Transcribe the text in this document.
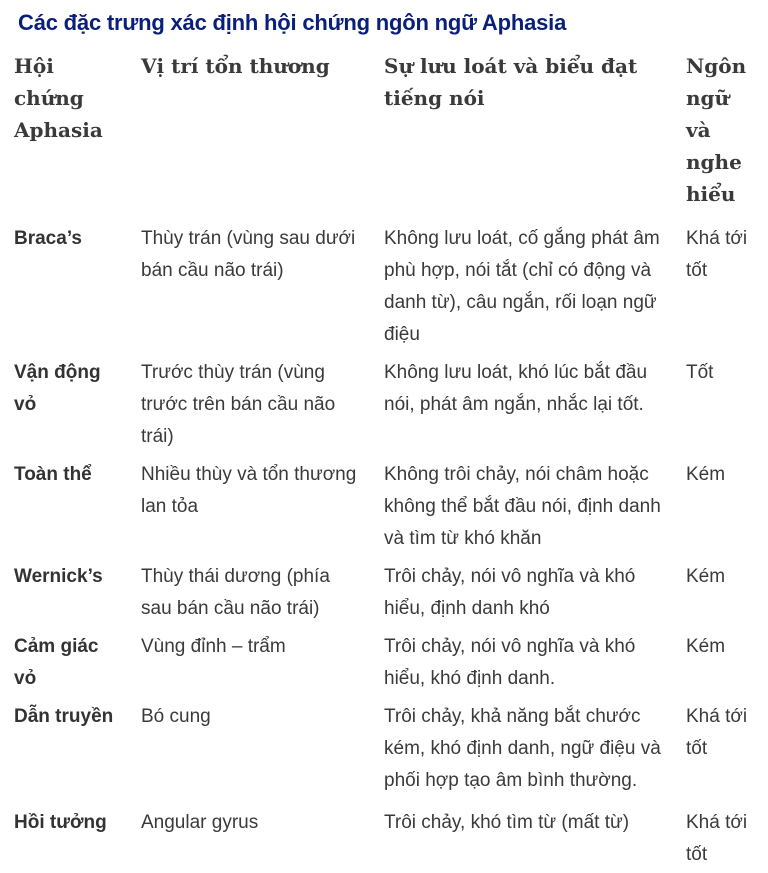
Các đặc trưng xác định hội chứng ngôn ngữ Aphasia
Hội chứng Aphasia	Vị trí tổn thương	Sự lưu loát và biểu đạt tiếng nói	Ngôn ngữ và nghe hiểu
Braca’s	Thùy trán (vùng sau dưới bán cầu não trái)	Không lưu loát, cố gắng phát âm phù hợp, nói tắt (chỉ có động và danh từ), câu ngắn, rối loạn ngữ điệu	Khá tới tốt
Vận động vỏ	Trước thùy trán (vùng trước trên bán cầu não trái)	Không lưu loát, khó lúc bắt đầu nói, phát âm ngắn, nhắc lại tốt.	Tốt
Toàn thể	Nhiều thùy và tổn thương lan tỏa	Không trôi chảy, nói châm hoặc không thể bắt đầu nói, định danh và tìm từ khó khăn	Kém
Wernick’s	Thùy thái dương (phía sau bán cầu não trái)	Trôi chảy, nói vô nghĩa và khó hiểu, định danh khó	Kém
Cảm giác vỏ	Vùng đỉnh – trẩm	Trôi chảy, nói vô nghĩa và khó hiểu, khó định danh.	Kém
Dẫn truyền	Bó cung	Trôi chảy, khả năng bắt chước kém, khó định danh, ngữ điệu và phối hợp tạo âm bình thường.	Khá tới tốt
Hồi tưởng	Angular gyrus	Trôi chảy, khó tìm từ (mất từ)	Khá tới tốt
